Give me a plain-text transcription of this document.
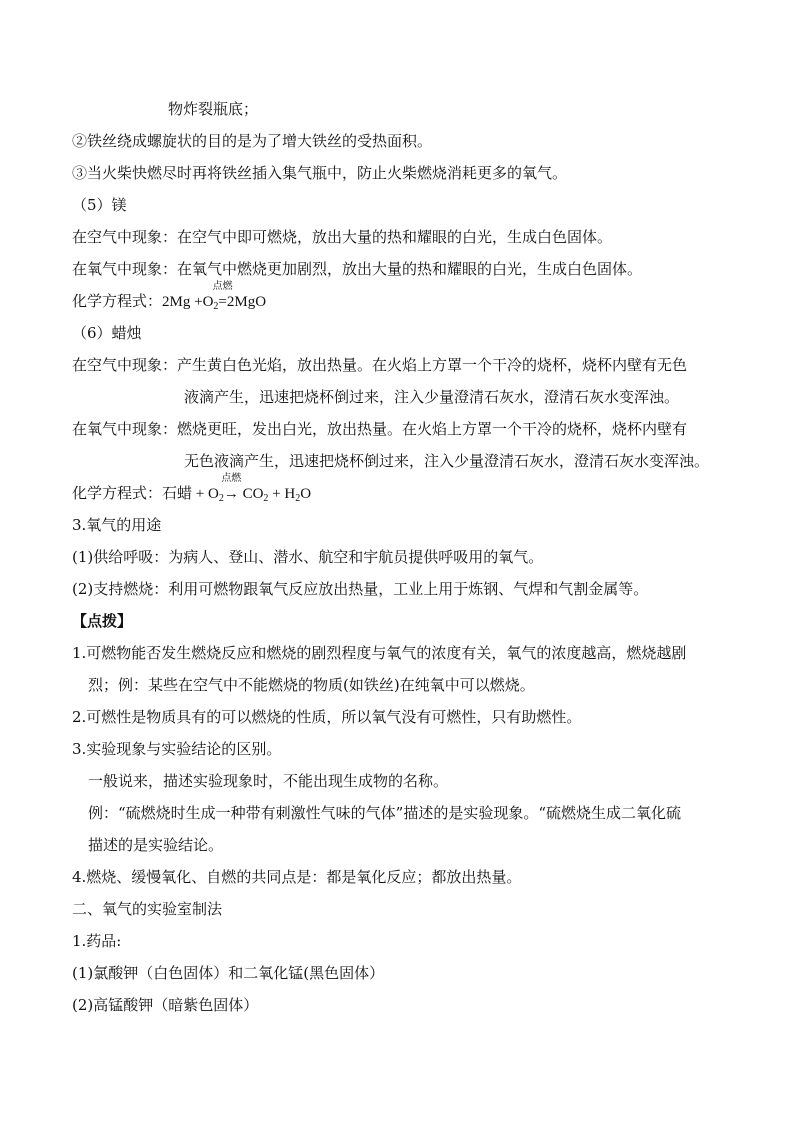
物炸裂瓶底；
②铁丝绕成螺旋状的目的是为了增大铁丝的受热面积。
③当火柴快燃尽时再将铁丝插入集气瓶中，防止火柴燃烧消耗更多的氧气。
（5）镁
在空气中现象：在空气中即可燃烧，放出大量的热和耀眼的白光，生成白色固体。
在氧气中现象：在氧气中燃烧更加剧烈，放出大量的热和耀眼的白光，生成白色固体。
化学方程式：$2Mg +O_2$
点燃
=2MgO
（6）蜡烛
在空气中现象：产生黄白色光焰，放出热量。在火焰上方罩一个干冷的烧杯，烧杯内壁有无色
液滴产生，迅速把烧杯倒过来，注入少量澄清石灰水，澄清石灰水变浑浊。
在氧气中现象：燃烧更旺，发出白光，放出热量。在火焰上方罩一个干冷的烧杯，烧杯内壁有
无色液滴产生，迅速把烧杯倒过来，注入少量澄清石灰水，澄清石灰水变浑浊。
化学方程式：石蜡 + $O_2$
点燃
→ $CO_2 + H_2O$
3.氧气的用途
(1)供给呼吸：为病人、登山、潜水、航空和宇航员提供呼吸用的氧气。
(2)支持燃烧：利用可燃物跟氧气反应放出热量，工业上用于炼钢、气焊和气割金属等。
【点拨】
1.可燃物能否发生燃烧反应和燃烧的剧烈程度与氧气的浓度有关，氧气的浓度越高，燃烧越剧
烈；例：某些在空气中不能燃烧的物质(如铁丝)在纯氧中可以燃烧。
2.可燃性是物质具有的可以燃烧的性质，所以氧气没有可燃性，只有助燃性。
3.实验现象与实验结论的区别。
一般说来，描述实验现象时，不能出现生成物的名称。
例：“硫燃烧时生成一种带有刺激性气味的气体”描述的是实验现象。“硫燃烧生成二氧化硫
描述的是实验结论。
4.燃烧、缓慢氧化、自燃的共同点是：都是氧化反应；都放出热量。
二、氧气的实验室制法
1.药品:
(1)氯酸钾（白色固体）和二氧化锰(黑色固体）
(2)高锰酸钾（暗紫色固体）
